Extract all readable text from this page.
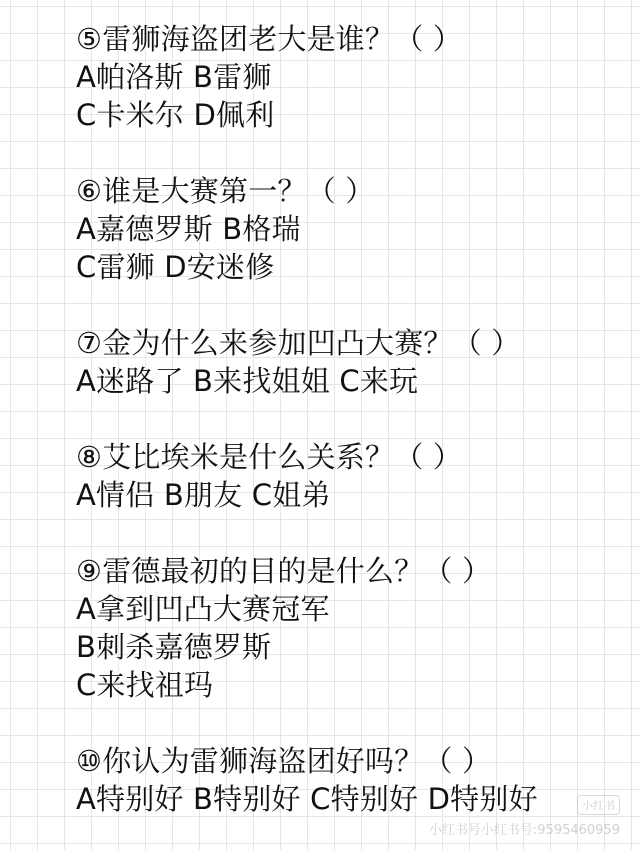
⑤雷狮海盗团老大是谁？（ ）
A帕洛斯 B雷狮
C卡米尔 D佩利
⑥谁是大赛第一？（ ）
A嘉德罗斯 B格瑞
C雷狮 D安迷修
⑦金为什么来参加凹凸大赛？（ ）
A迷路了 B来找姐姐 C来玩
⑧艾比埃米是什么关系？（ ）
A情侣 B朋友 C姐弟
⑨雷德最初的目的是什么？（ ）
A拿到凹凸大赛冠军
B刺杀嘉德罗斯
C来找祖玛
⑩你认为雷狮海盗团好吗？（ ）
A特别好 B特别好 C特别好 D特别好	小红书
小红书号小红书号:9595460959
